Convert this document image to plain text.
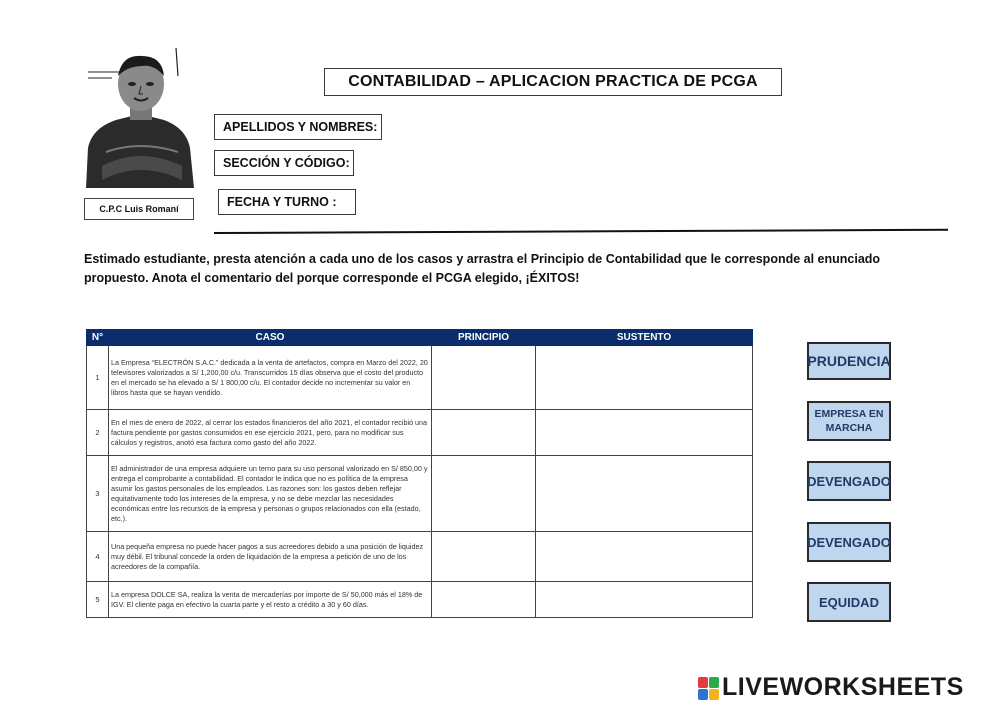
C.P.C Luis Romaní
CONTABILIDAD – APLICACION PRACTICA DE PCGA
APELLIDOS Y NOMBRES:
SECCIÓN Y CÓDIGO:
FECHA Y TURNO :
Estimado estudiante, presta atención a cada uno de los casos y arrastra el Principio de Contabilidad que le corresponde al enunciado propuesto. Anota el comentario del porque corresponde el PCGA elegido, ¡ÉXITOS!
N°	CASO	PRINCIPIO	SUSTENTO
1	La Empresa “ELECTRÓN S.A.C.” dedicada a la venta de artefactos, compra en Marzo del 2022, 20 televisores valorizados a S/ 1,200,00 c/u. Transcurridos 15 días observa que el costo del producto en el mercado se ha elevado a S/ 1 800,00 c/u. El contador decide no incrementar su valor en libros hasta que se hayan vendido.		
2	En el mes de enero de 2022, al cerrar los estados financieros del año 2021, el contador recibió una factura pendiente por gastos consumidos en ese ejercicio 2021, pero, para no modificar sus cálculos y registros, anotó esa factura como gasto del año 2022.		
3	El administrador de una empresa adquiere un terno para su uso personal valorizado en S/ 850,00 y entrega el comprobante a contabilidad. El contador le indica que no es política de la empresa asumir los gastos personales de los empleados. Las razones son: los gastos deben reflejar equitativamente todo los intereses de la empresa, y no se debe mezclar las necesidades económicas entre los recursos de la empresa y personas o grupos relacionados con ella (estado, etc.).		
4	Una pequeña empresa no puede hacer pagos a sus acreedores debido a una posición de liquidez muy débil. El tribunal concede la orden de liquidación de la empresa a petición de uno de los acreedores de la compañía.		
5	La empresa DOLCE SA, realiza la venta de mercaderías por importe de S/ 50,000 más el 18% de IGV. El cliente paga en efectivo la cuarta parte y el resto a crédito a 30 y 60 días.		
PRUDENCIA
EMPRESA EN MARCHA
DEVENGADO
DEVENGADO
EQUIDAD
LIVEWORKSHEETS
